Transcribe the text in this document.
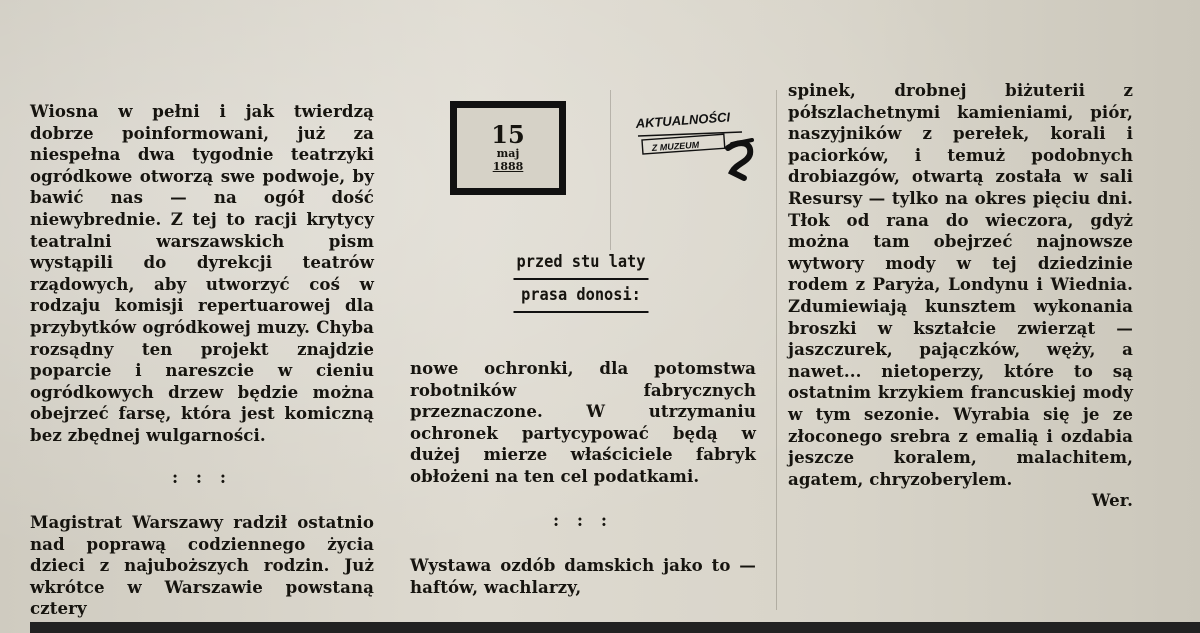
Wiosna w pełni i jak twierdzą dobrze poinformowani, już za niespełna dwa tygodnie teatrzyki ogródkowe otworzą swe podwoje, by bawić nas — na ogół dość niewybrednie. Z tej to racji krytycy teatralni warszawskich pism wystąpili do dyrekcji teatrów rządowych, aby utworzyć coś w rodzaju komisji repertuarowej dla przybytków ogródkowej muzy. Chyba rozsądny ten projekt znajdzie poparcie i nareszcie w cieniu ogródkowych drzew będzie można obejrzeć farsę, która jest komiczną bez zbędnej wulgarności.

: : :

Magistrat Warszawy radził ostatnio nad poprawą codziennego życia dzieci z najuboższych rodzin. Już wkrótce w Warszawie powstaną cztery

15
maj
1888
AKTUALNOŚCI
Z MUZEUM
przed stu laty
prasa donosi:

nowe ochronki, dla potomstwa robotników fabrycznych przeznaczone. W utrzymaniu ochronek partycypować będą w dużej mierze właściciele fabryk obłożeni na ten cel podatkami.

: : :

Wystawa ozdób damskich jako to — haftów, wachlarzy,

spinek, drobnej biżuterii z półszlachetnymi kamieniami, piór, naszyjników z perełek, korali i paciorków, i temuż podobnych drobiazgów, otwartą została w sali Resursy — tylko na okres pięciu dni. Tłok od rana do wieczora, gdyż można tam obejrzeć najnowsze wytwory mody w tej dziedzinie rodem z Paryża, Londynu i Wiednia. Zdumiewiają kunsztem wykonania broszki w kształcie zwierząt — jaszczurek, pajączków, węży, a nawet... nietoperzy, które to są ostatnim krzykiem francuskiej mody w tym sezonie. Wyrabia się je ze złoconego srebra z emalią i ozdabia jeszcze koralem, malachitem, agatem, chryzoberylem.

Wer.
